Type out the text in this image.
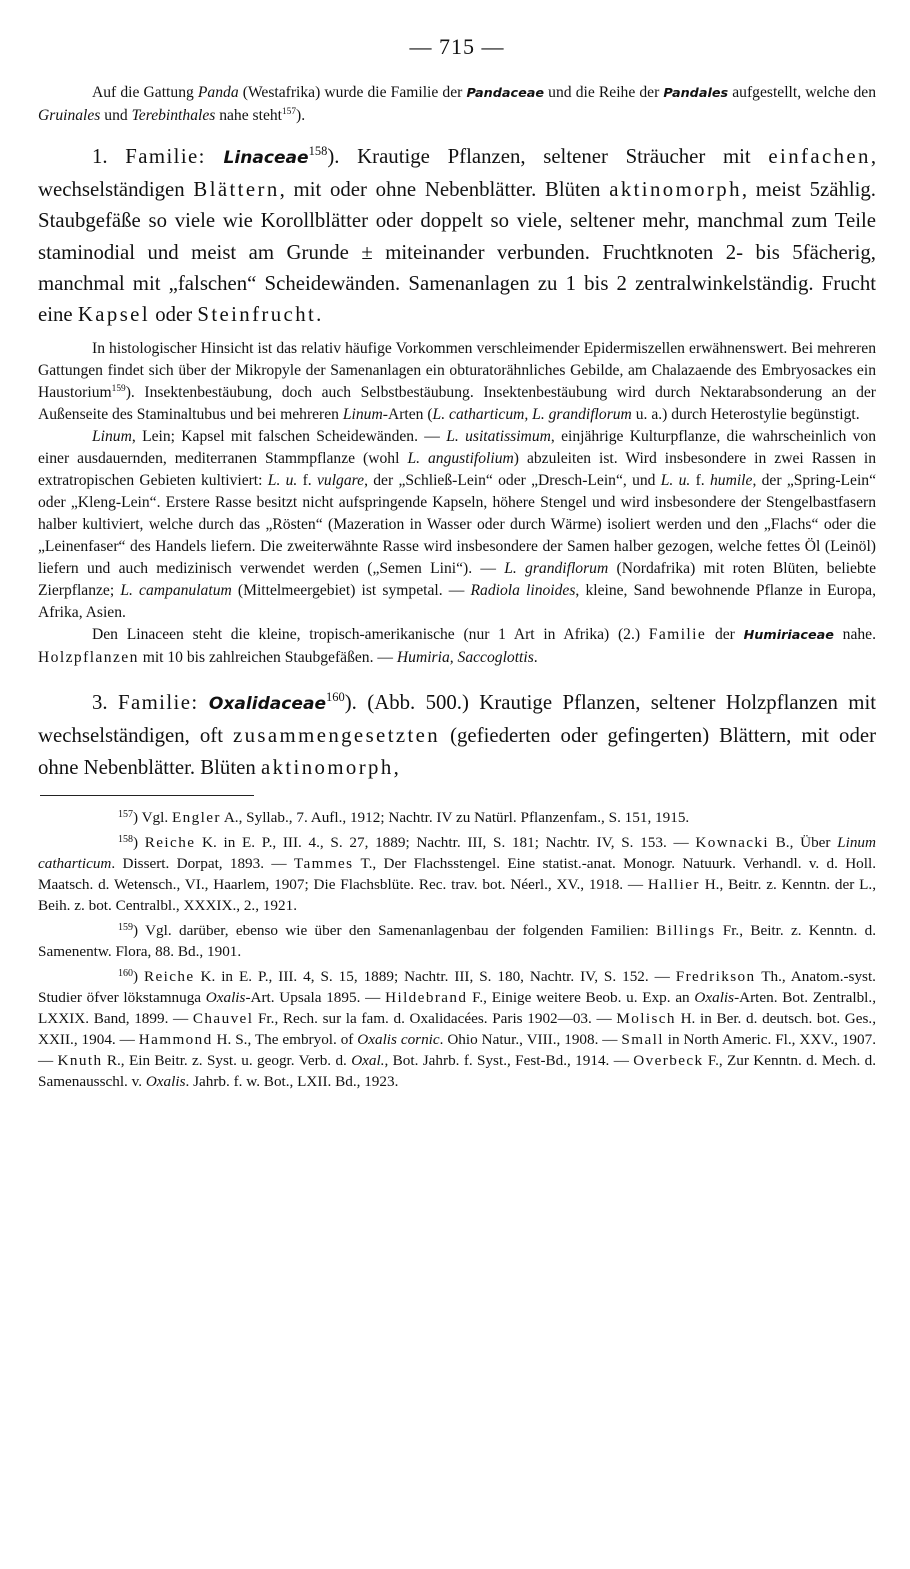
— 715 —

Auf die Gattung Panda (Westafrika) wurde die Familie der Pandaceae und die Reihe der Pandales aufgestellt, welche den Gruinales und Terebinthales nahe steht$^{157}$).

1. Familie: Linaceae$^{158}$). Krautige Pflanzen, seltener Sträucher mit einfachen, wechselständigen Blättern, mit oder ohne Nebenblätter. Blüten aktinomorph, meist 5zählig. Staubgefäße so viele wie Korollblätter oder doppelt so viele, seltener mehr, manchmal zum Teile staminodial und meist am Grunde ± miteinander verbunden. Fruchtknoten 2- bis 5fächerig, manchmal mit „falschen“ Scheidewänden. Samenanlagen zu 1 bis 2 zentralwinkelständig. Frucht eine Kapsel oder Steinfrucht.

In histologischer Hinsicht ist das relativ häufige Vorkommen verschleimender Epidermiszellen erwähnenswert. Bei mehreren Gattungen findet sich über der Mikropyle der Samenanlagen ein obturatorähnliches Gebilde, am Chalazaende des Embryosackes ein Haustorium$^{159}$). Insektenbestäubung, doch auch Selbstbestäubung. Insektenbestäubung wird durch Nektarabsonderung an der Außenseite des Staminaltubus und bei mehreren Linum-Arten (L. catharticum, L. grandiflorum u. a.) durch Heterostylie begünstigt.

Linum, Lein; Kapsel mit falschen Scheidewänden. — L. usitatissimum, einjährige Kulturpflanze, die wahrscheinlich von einer ausdauernden, mediterranen Stammpflanze (wohl L. angustifolium) abzuleiten ist. Wird insbesondere in zwei Rassen in extratropischen Gebieten kultiviert: L. u. f. vulgare, der „Schließ-Lein“ oder „Dresch-Lein“, und L. u. f. humile, der „Spring-Lein“ oder „Kleng-Lein“. Erstere Rasse besitzt nicht aufspringende Kapseln, höhere Stengel und wird insbesondere der Stengelbastfasern halber kultiviert, welche durch das „Rösten“ (Mazeration in Wasser oder durch Wärme) isoliert werden und den „Flachs“ oder die „Leinenfaser“ des Handels liefern. Die zweiterwähnte Rasse wird insbesondere der Samen halber gezogen, welche fettes Öl (Leinöl) liefern und auch medizinisch verwendet werden („Semen Lini“). — L. grandiflorum (Nordafrika) mit roten Blüten, beliebte Zierpflanze; L. campanulatum (Mittelmeergebiet) ist sympetal. — Radiola linoides, kleine, Sand bewohnende Pflanze in Europa, Afrika, Asien.

Den Linaceen steht die kleine, tropisch-amerikanische (nur 1 Art in Afrika) (2.) Familie der Humiriaceae nahe. Holzpflanzen mit 10 bis zahlreichen Staubgefäßen. — Humiria, Saccoglottis.

3. Familie: Oxalidaceae$^{160}$). (Abb. 500.) Krautige Pflanzen, seltener Holzpflanzen mit wechselständigen, oft zusammengesetzten (gefiederten oder gefingerten) Blättern, mit oder ohne Nebenblätter. Blüten aktinomorph,

157) Vgl. Engler A., Syllab., 7. Aufl., 1912; Nachtr. IV zu Natürl. Pflanzenfam., S. 151, 1915.

158) Reiche K. in E. P., III. 4., S. 27, 1889; Nachtr. III, S. 181; Nachtr. IV, S. 153. — Kownacki B., Über Linum catharticum. Dissert. Dorpat, 1893. — Tammes T., Der Flachsstengel. Eine statist.-anat. Monogr. Natuurk. Verhandl. v. d. Holl. Maatsch. d. Wetensch., VI., Haarlem, 1907; Die Flachsblüte. Rec. trav. bot. Néerl., XV., 1918. — Hallier H., Beitr. z. Kenntn. der L., Beih. z. bot. Centralbl., XXXIX., 2., 1921.

159) Vgl. darüber, ebenso wie über den Samenanlagenbau der folgenden Familien: Billings Fr., Beitr. z. Kenntn. d. Samenentw. Flora, 88. Bd., 1901.

160) Reiche K. in E. P., III. 4, S. 15, 1889; Nachtr. III, S. 180, Nachtr. IV, S. 152. — Fredrikson Th., Anatom.-syst. Studier öfver lökstamnuga Oxalis-Art. Upsala 1895. — Hildebrand F., Einige weitere Beob. u. Exp. an Oxalis-Arten. Bot. Zentralbl., LXXIX. Band, 1899. — Chauvel Fr., Rech. sur la fam. d. Oxalidacées. Paris 1902—03. — Molisch H. in Ber. d. deutsch. bot. Ges., XXII., 1904. — Hammond H. S., The embryol. of Oxalis cornic. Ohio Natur., VIII., 1908. — Small in North Americ. Fl., XXV., 1907. — Knuth R., Ein Beitr. z. Syst. u. geogr. Verb. d. Oxal., Bot. Jahrb. f. Syst., Fest-Bd., 1914. — Overbeck F., Zur Kenntn. d. Mech. d. Samenausschl. v. Oxalis. Jahrb. f. w. Bot., LXII. Bd., 1923.
